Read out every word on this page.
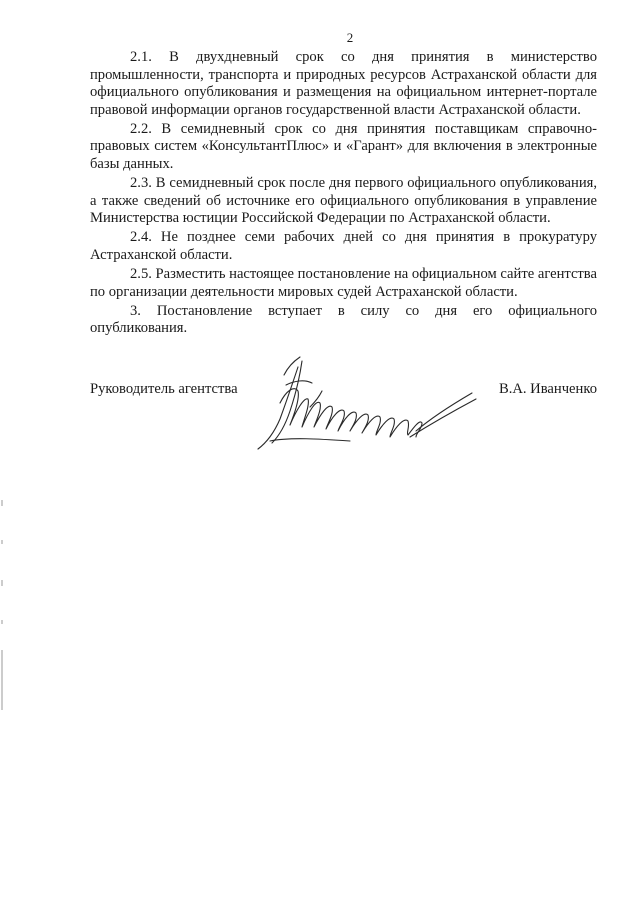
2

2.1. В двухдневный срок со дня принятия в министерство промышленности, транспорта и природных ресурсов Астраханской области для официального опубликования и размещения на официальном интернет-портале правовой информации органов государственной власти Астраханской области.

2.2. В семидневный срок со дня принятия поставщикам справочно-правовых систем «КонсультантПлюс» и «Гарант» для включения в электронные базы данных.

2.3. В семидневный срок после дня первого официального опубликования, а также сведений об источнике его официального опубликования в управление Министерства юстиции Российской Федерации по Астраханской области.

2.4. Не позднее семи рабочих дней со дня принятия в прокуратуру Астраханской области.

2.5. Разместить настоящее постановление на официальном сайте агентства по организации деятельности мировых судей Астраханской области.

3. Постановление вступает в силу со дня его официального опубликования.

Руководитель агентства	В.А. Иванченко
